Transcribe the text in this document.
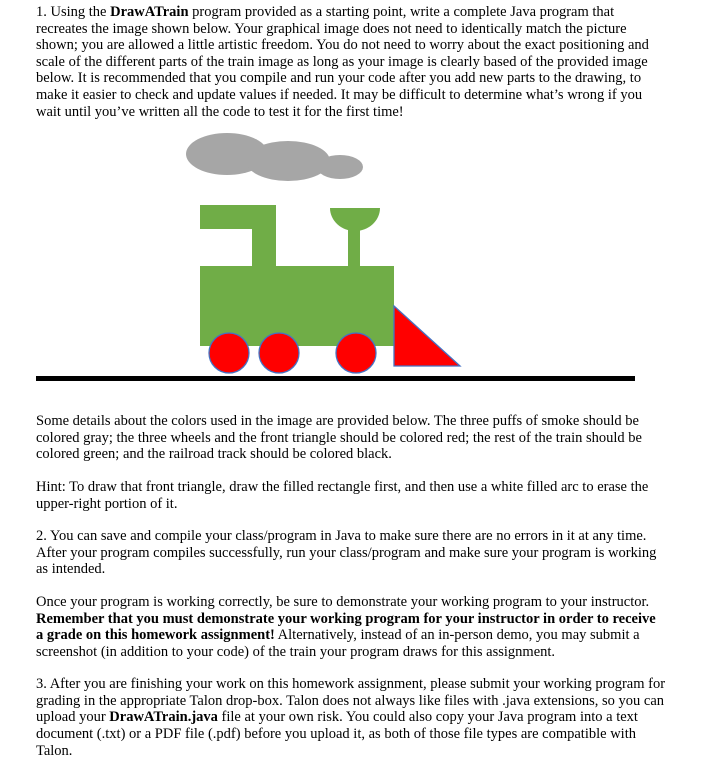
1. Using the DrawATrain program provided as a starting point, write a complete Java program that recreates the image shown below. Your graphical image does not need to identically match the picture shown; you are allowed a little artistic freedom. You do not need to worry about the exact positioning and scale of the different parts of the train image as long as your image is clearly based of the provided image below. It is recommended that you compile and run your code after you add new parts to the drawing, to make it easier to check and update values if needed. It may be difficult to determine what’s wrong if you wait until you’ve written all the code to test it for the first time!

Some details about the colors used in the image are provided below. The three puffs of smoke should be colored gray; the three wheels and the front triangle should be colored red; the rest of the train should be colored green; and the railroad track should be colored black.

Hint: To draw that front triangle, draw the filled rectangle first, and then use a white filled arc to erase the upper-right portion of it.

2. You can save and compile your class/program in Java to make sure there are no errors in it at any time. After your program compiles successfully, run your class/program and make sure your program is working as intended.

Once your program is working correctly, be sure to demonstrate your working program to your instructor. Remember that you must demonstrate your working program for your instructor in order to receive a grade on this homework assignment! Alternatively, instead of an in-person demo, you may submit a screenshot (in addition to your code) of the train your program draws for this assignment.

3. After you are finishing your work on this homework assignment, please submit your working program for grading in the appropriate Talon drop-box. Talon does not always like files with .java extensions, so you can upload your DrawATrain.java file at your own risk. You could also copy your Java program into a text document (.txt) or a PDF file (.pdf) before you upload it, as both of those file types are compatible with Talon.
